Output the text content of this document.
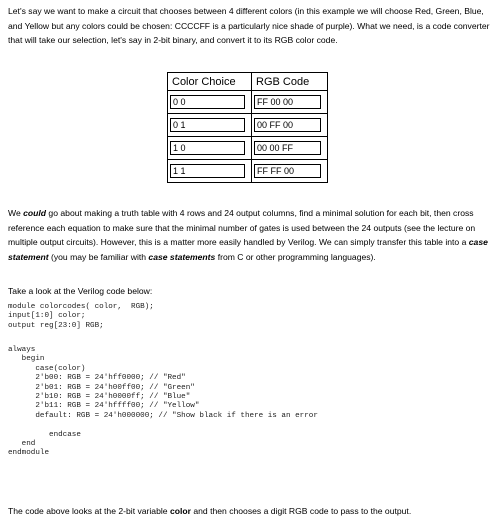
Let's say we want to make a circuit that chooses between 4 different colors (in this example we will choose Red, Green, Blue, and Yellow but any colors could be chosen: CCCCFF is a particularly nice shade of purple). What we need, is a code converter that will take our selection, let's say in 2-bit binary, and convert it to its RGB color code.
Color Choice	RGB Code
0 0	FF 00 00
0 1	00 FF 00
1 0	00 00 FF
1 1	FF FF 00
We could go about making a truth table with 4 rows and 24 output columns, find a minimal solution for each bit, then cross reference each equation to make sure that the minimal number of gates is used between the 24 outputs (see the lecture on multiple output circuits). However, this is a matter more easily handled by Verilog. We can simply transfer this table into a case statement (you may be familiar with case statements from C or other programming languages).
Take a look at the Verilog code below:
module colorcodes( color,  RGB);
input[1:0] color;
output reg[23:0] RGB;
always
begin
case(color)
2'b00: RGB = 24'hff0000; // "Red"
2'b01: RGB = 24'h00ff00; // "Green"
2'b10: RGB = 24'h0000ff; // "Blue"
2'b11: RGB = 24'hffff00; // "Yellow"
default: RGB = 24'h000000; // "Show black if there is an error

endcase
end
endmodule
The code above looks at the 2-bit variable color and then chooses a digit RGB code to pass to the output.
